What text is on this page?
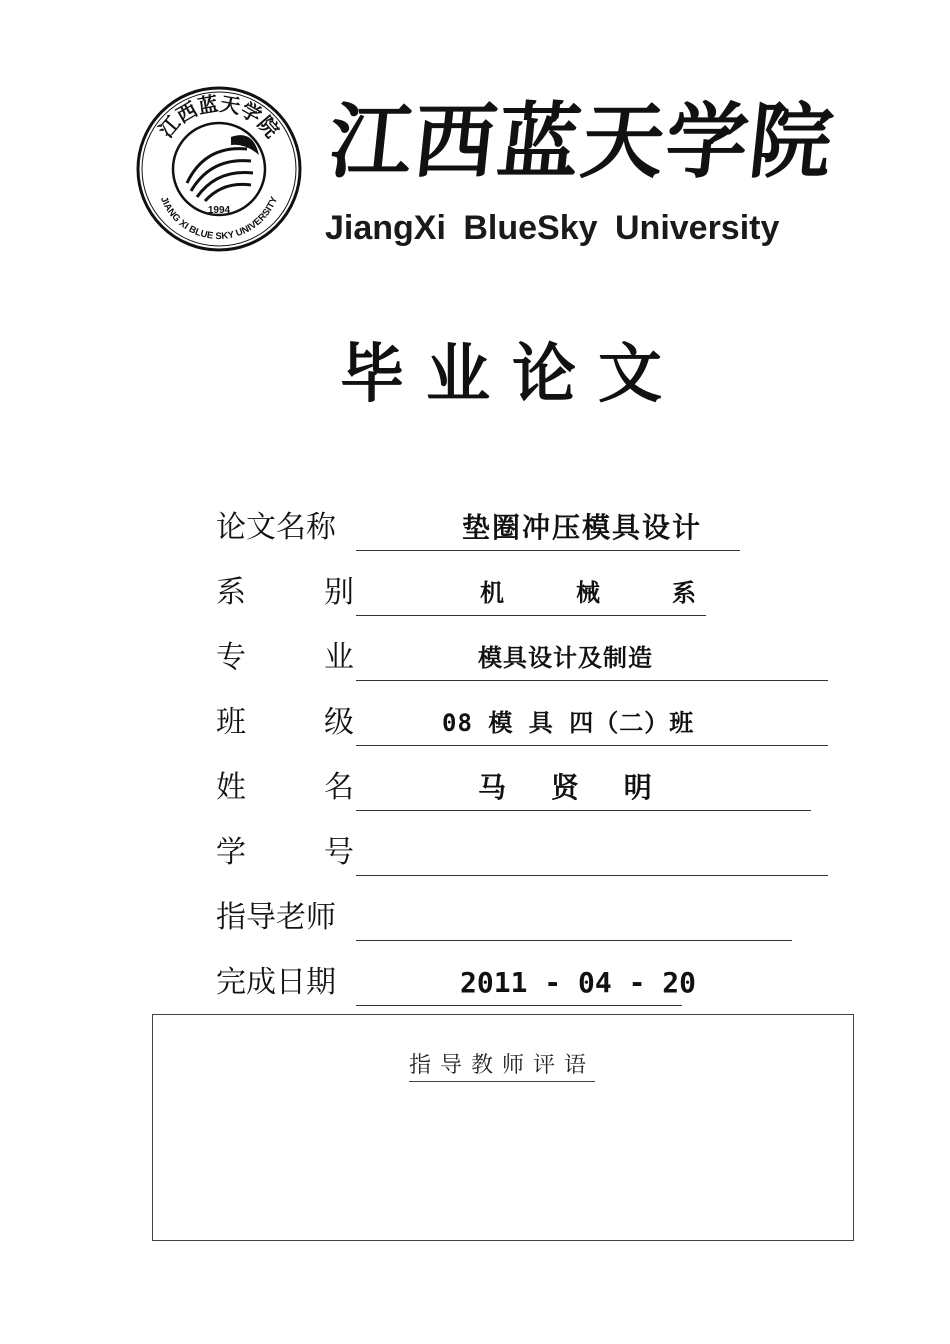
江西蓝天学院
JIANG XI BLUE SKY UNIVERSITY
1994
江西蓝天学院
JiangXi BlueSky University
毕业论文
论文名称	垫圈冲压模具设计
系	别	机　　　械　　　系
专	业	模具设计及制造
班	级	08 模 具 四（二）班
姓	名	马　 贤　 明
学	号
指导老师
完成日期	2011 - 04 - 20
指导教师评语
